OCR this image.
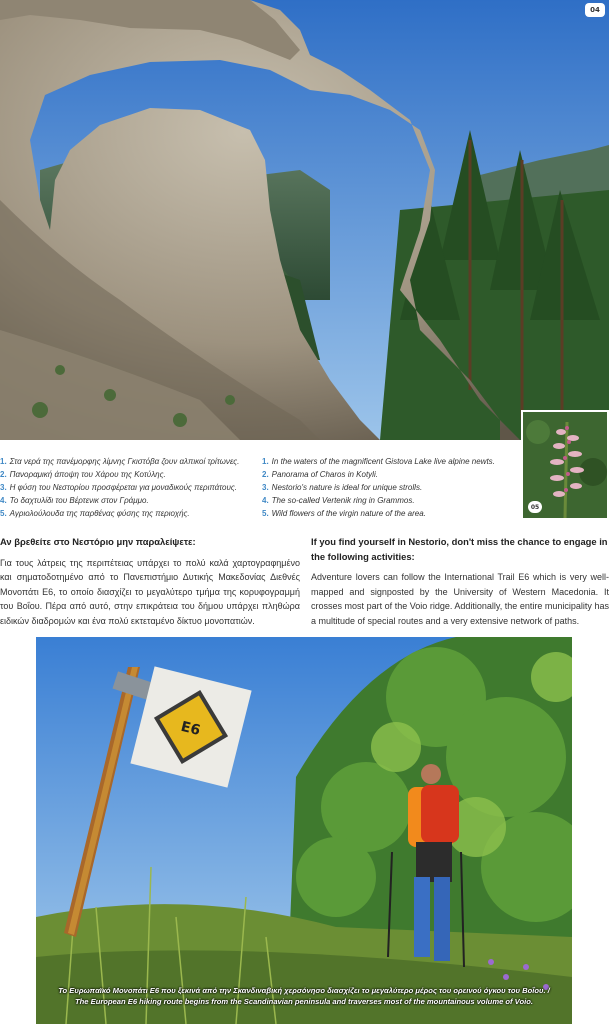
04
05
1. Στα νερά της πανέμορφης λίμνης Γκιστόβα ζουν αλπικοί τρίτωνες.
2. Πανοραμική άποψη του Χάρου της Κοτύλης.
3. Η φύση του Νεστορίου προσφέρεται για μοναδικούς περιπάτους.
4. Το δαχτυλίδι του Βέρτενικ στον Γράμμο.
5. Αγριολούλουδα της παρθένας φύσης της περιοχής.
1. In the waters of the magnificent Gistova Lake live alpine newts.
2. Panorama of Charos in Kotyli.
3. Nestorio's nature is ideal for unique strolls.
4. The so-called Vertenik ring in Grammos.
5. Wild flowers of the virgin nature of the area.
Αν βρεθείτε στο Νεστόριο μην παραλείψετε:

Για τους λάτρεις της περιπέτειας υπάρχει το πολύ καλά χαρτογραφημένο και σηματοδοτημένο από το Πανεπιστήμιο Δυτικής Μακεδονίας Διεθνές Μονοπάτι Ε6, το οποίο διασχίζει το μεγαλύτερο τμήμα της κορυφογραμμή του Βοΐου. Πέρα από αυτό, στην επικράτεια του δήμου υπάρχει πληθώρα ειδικών διαδρομών και ένα πολύ εκτεταμένο δίκτυο μονοπατιών.

If you find yourself in Nestorio, don't miss the chance to engage in the following activities:

Adventure lovers can follow the International Trail E6 which is very well-mapped and signposted by the University of Western Macedonia. It crosses most part of the Voio ridge. Additionally, the entire municipality has a multitude of special routes and a very extensive network of paths.

E6
Το Ευρωπαϊκό Μονοπάτι Ε6 που ξεκινά από την Σκανδιναβική χερσόνησο διασχίζει το μεγαλύτερο μέρος του ορεινού όγκου του Βοΐου. /
The European E6 hiking route begins from the Scandinavian peninsula and traverses most of the mountainous volume of Voio.
